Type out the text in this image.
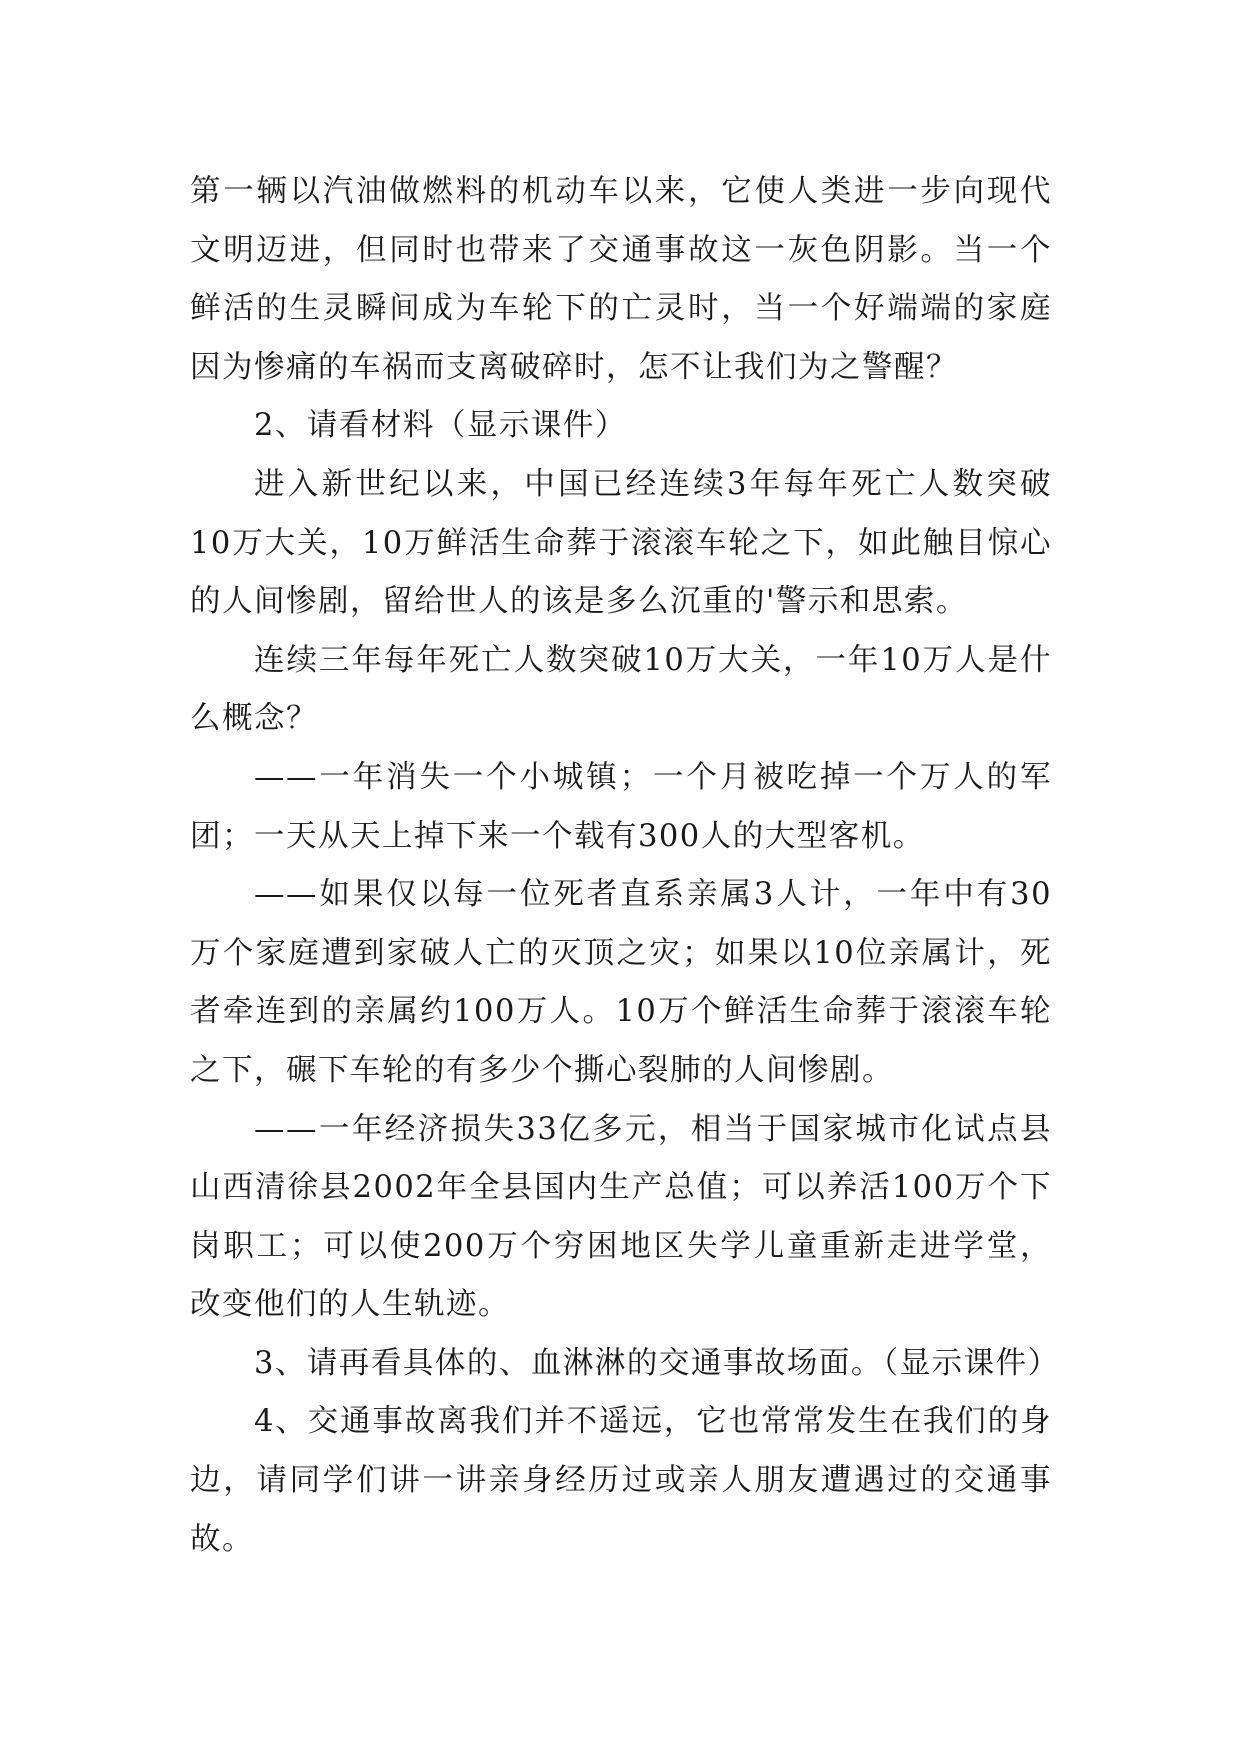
第一辆以汽油做燃料的机动车以来，它使人类进一步向现代文明迈进，但同时也带来了交通事故这一灰色阴影。当一个鲜活的生灵瞬间成为车轮下的亡灵时，当一个好端端的家庭因为惨痛的车祸而支离破碎时，怎不让我们为之警醒？

2、请看材料（显示课件）

进入新世纪以来，中国已经连续3年每年死亡人数突破10万大关，10万鲜活生命葬于滚滚车轮之下，如此触目惊心的人间惨剧，留给世人的该是多么沉重的'警示和思索。

连续三年每年死亡人数突破10万大关，一年10万人是什么概念？

——一年消失一个小城镇；一个月被吃掉一个万人的军团；一天从天上掉下来一个载有300人的大型客机。

——如果仅以每一位死者直系亲属3人计，一年中有30万个家庭遭到家破人亡的灭顶之灾；如果以10位亲属计，死者牵连到的亲属约100万人。10万个鲜活生命葬于滚滚车轮之下，碾下车轮的有多少个撕心裂肺的人间惨剧。

——一年经济损失33亿多元，相当于国家城市化试点县山西清徐县2002年全县国内生产总值；可以养活100万个下岗职工；可以使200万个穷困地区失学儿童重新走进学堂，改变他们的人生轨迹。

3、请再看具体的、血淋淋的交通事故场面。（显示课件）

4、交通事故离我们并不遥远，它也常常发生在我们的身边，请同学们讲一讲亲身经历过或亲人朋友遭遇过的交通事故。
